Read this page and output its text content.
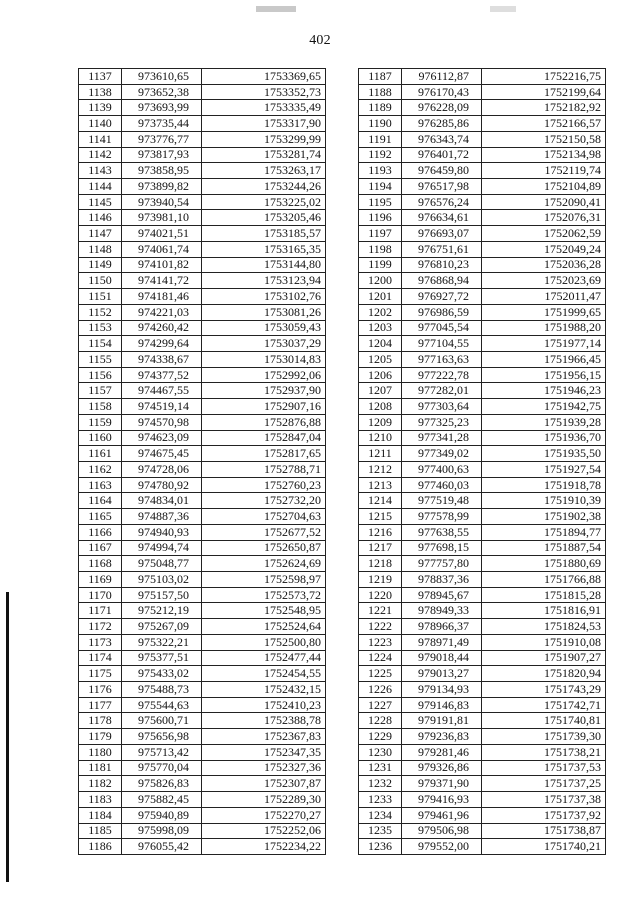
402
1137	973610,65	1753369,65
1138	973652,38	1753352,73
1139	973693,99	1753335,49
1140	973735,44	1753317,90
1141	973776,77	1753299,99
1142	973817,93	1753281,74
1143	973858,95	1753263,17
1144	973899,82	1753244,26
1145	973940,54	1753225,02
1146	973981,10	1753205,46
1147	974021,51	1753185,57
1148	974061,74	1753165,35
1149	974101,82	1753144,80
1150	974141,72	1753123,94
1151	974181,46	1753102,76
1152	974221,03	1753081,26
1153	974260,42	1753059,43
1154	974299,64	1753037,29
1155	974338,67	1753014,83
1156	974377,52	1752992,06
1157	974467,55	1752937,90
1158	974519,14	1752907,16
1159	974570,98	1752876,88
1160	974623,09	1752847,04
1161	974675,45	1752817,65
1162	974728,06	1752788,71
1163	974780,92	1752760,23
1164	974834,01	1752732,20
1165	974887,36	1752704,63
1166	974940,93	1752677,52
1167	974994,74	1752650,87
1168	975048,77	1752624,69
1169	975103,02	1752598,97
1170	975157,50	1752573,72
1171	975212,19	1752548,95
1172	975267,09	1752524,64
1173	975322,21	1752500,80
1174	975377,51	1752477,44
1175	975433,02	1752454,55
1176	975488,73	1752432,15
1177	975544,63	1752410,23
1178	975600,71	1752388,78
1179	975656,98	1752367,83
1180	975713,42	1752347,35
1181	975770,04	1752327,36
1182	975826,83	1752307,87
1183	975882,45	1752289,30
1184	975940,89	1752270,27
1185	975998,09	1752252,06
1186	976055,42	1752234,22
1187	976112,87	1752216,75
1188	976170,43	1752199,64
1189	976228,09	1752182,92
1190	976285,86	1752166,57
1191	976343,74	1752150,58
1192	976401,72	1752134,98
1193	976459,80	1752119,74
1194	976517,98	1752104,89
1195	976576,24	1752090,41
1196	976634,61	1752076,31
1197	976693,07	1752062,59
1198	976751,61	1752049,24
1199	976810,23	1752036,28
1200	976868,94	1752023,69
1201	976927,72	1752011,47
1202	976986,59	1751999,65
1203	977045,54	1751988,20
1204	977104,55	1751977,14
1205	977163,63	1751966,45
1206	977222,78	1751956,15
1207	977282,01	1751946,23
1208	977303,64	1751942,75
1209	977325,23	1751939,28
1210	977341,28	1751936,70
1211	977349,02	1751935,50
1212	977400,63	1751927,54
1213	977460,03	1751918,78
1214	977519,48	1751910,39
1215	977578,99	1751902,38
1216	977638,55	1751894,77
1217	977698,15	1751887,54
1218	977757,80	1751880,69
1219	978837,36	1751766,88
1220	978945,67	1751815,28
1221	978949,33	1751816,91
1222	978966,37	1751824,53
1223	978971,49	1751910,08
1224	979018,44	1751907,27
1225	979013,27	1751820,94
1226	979134,93	1751743,29
1227	979146,83	1751742,71
1228	979191,81	1751740,81
1229	979236,83	1751739,30
1230	979281,46	1751738,21
1231	979326,86	1751737,53
1232	979371,90	1751737,25
1233	979416,93	1751737,38
1234	979461,96	1751737,92
1235	979506,98	1751738,87
1236	979552,00	1751740,21
